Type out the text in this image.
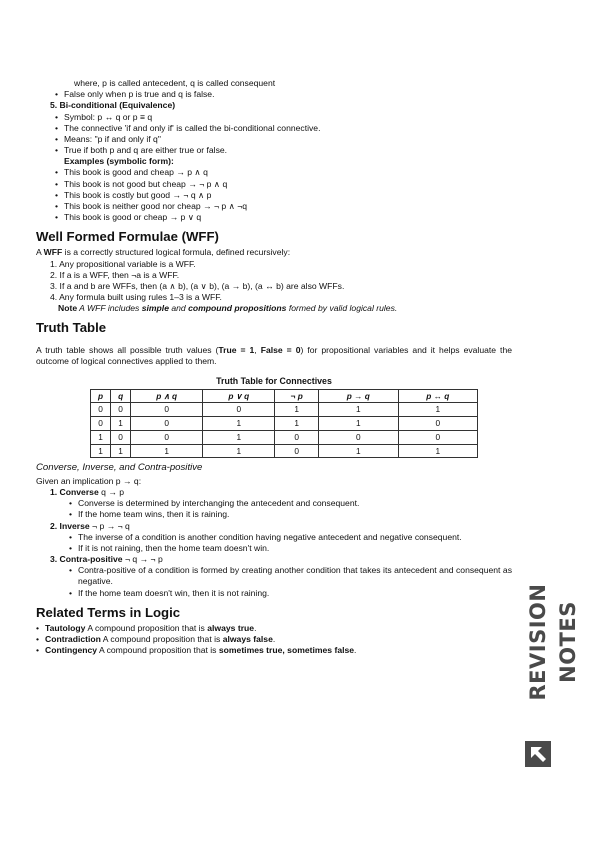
where, p is called antecedent, q is called consequent

• False only when p is true and q is false.

5. Bi-conditional (Equivalence)

• Symbol: p ↔ q or p ≡ q

• The connective 'if and only if' is called the bi-conditional connective.

• Means: "p if and only if q"

• True if both p and q are either true or false.

Examples (symbolic form):

• This book is good and cheap → p ∧ q

• This book is not good but cheap → ¬ p ∧ q

• This book is costly but good → ¬ q ∧ p

• This book is neither good nor cheap → ¬ p ∧ ¬q

• This book is good or cheap → p ∨ q

Well Formed Formulae (WFF)

A WFF is a correctly structured logical formula, defined recursively:

1. Any propositional variable is a WFF.

2. If a is a WFF, then ¬a is a WFF.

3. If a and b are WFFs, then (a ∧ b), (a ∨ b), (a → b), (a ↔ b) are also WFFs.

4. Any formula built using rules 1–3 is a WFF.

Note A WFF includes simple and compound propositions formed by valid logical rules.

Truth Table

A truth table shows all possible truth values (True = 1, False = 0) for propositional variables and it helps evaluate the outcome of logical connectives applied to them.

Truth Table for Connectives
p	q	p ∧ q	p ∨ q	¬ p	p → q	p ↔ q
0	0	0	0	1	1	1
0	1	0	1	1	1	0
1	0	0	1	0	0	0
1	1	1	1	0	1	1
Converse, Inverse, and Contra-positive

Given an implication p → q:

1. Converse q → p

• Converse is determined by interchanging the antecedent and consequent.

• If the home team wins, then it is raining.

2. Inverse ¬ p → ¬ q

• The inverse of a condition is another condition having negative antecedent and negative consequent.

• If it is not raining, then the home team doesn't win.

3. Contra-positive ¬ q → ¬ p

• Contra-positive of a condition is formed by creating another condition that takes its antecedent and consequent as negative.

• If the home team doesn't win, then it is not raining.

Related Terms in Logic

• Tautology A compound proposition that is always true.

• Contradiction A compound proposition that is always false.

• Contingency A compound proposition that is sometimes true, sometimes false.	REVISION NOTES
